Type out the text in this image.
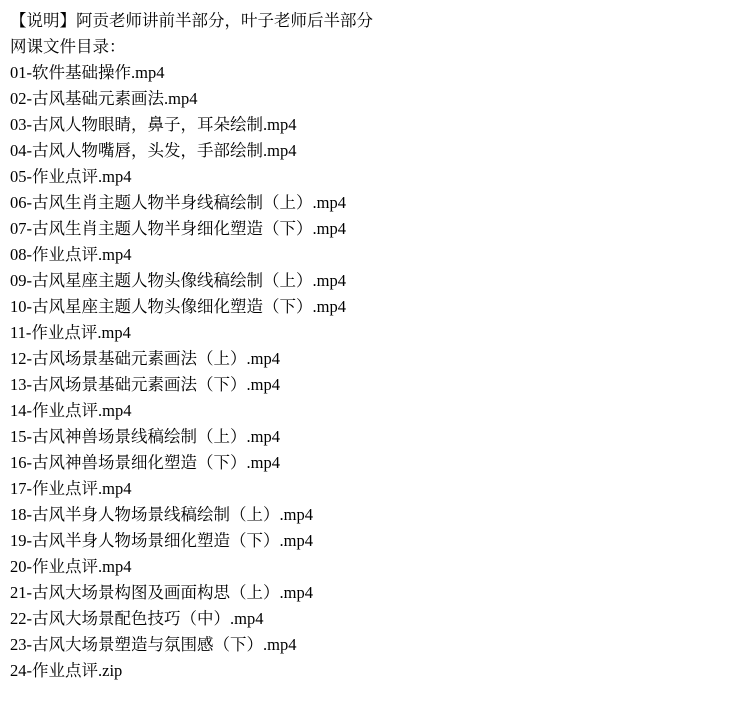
【说明】阿贡老师讲前半部分，叶子老师后半部分
网课文件目录：
01-软件基础操作.mp4
02-古风基础元素画法.mp4
03-古风人物眼睛，鼻子，耳朵绘制.mp4
04-古风人物嘴唇，头发，手部绘制.mp4
05-作业点评.mp4
06-古风生肖主题人物半身线稿绘制（上）.mp4
07-古风生肖主题人物半身细化塑造（下）.mp4
08-作业点评.mp4
09-古风星座主题人物头像线稿绘制（上）.mp4
10-古风星座主题人物头像细化塑造（下）.mp4
11-作业点评.mp4
12-古风场景基础元素画法（上）.mp4
13-古风场景基础元素画法（下）.mp4
14-作业点评.mp4
15-古风神兽场景线稿绘制（上）.mp4
16-古风神兽场景细化塑造（下）.mp4
17-作业点评.mp4
18-古风半身人物场景线稿绘制（上）.mp4
19-古风半身人物场景细化塑造（下）.mp4
20-作业点评.mp4
21-古风大场景构图及画面构思（上）.mp4
22-古风大场景配色技巧（中）.mp4
23-古风大场景塑造与氛围感（下）.mp4
24-作业点评.zip
